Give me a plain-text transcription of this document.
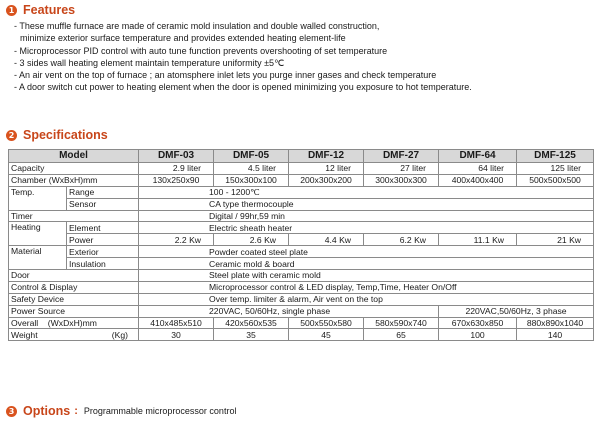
1 Features
- These muffle furnace are made of ceramic mold insulation and double walled construction,
minimize exterior surface temperature and provides extended heating element-life
- Microprocessor PID control with auto tune function prevents overshooting of set temperature
- 3 sides wall heating element maintain temperature uniformity ±5℃
- An air vent on the top of furnace ; an atomsphere inlet lets you purge inner gases and check temperature
- A door switch cut power to heating element when the door is opened minimizing you exposure to hot temperature.
2 Specifications
Model		DMF-03	DMF-05	DMF-12	DMF-27	DMF-64	DMF-125
Capacity		2.9 liter	4.5 liter	12 liter	27 liter	64 liter	125 liter
Chamber (WxBxH)mm		130x250x90	150x300x100	200x300x200	300x300x300	400x400x400	500x500x500
Temp.	Range	100 - 1200℃					
	Sensor	CA type thermocouple					
Timer		Digital / 99hr,59 min					
Heating	Element	Electric sheath heater					
	Power	2.2 Kw	2.6 Kw	4.4 Kw	6.2 Kw	11.1 Kw	21 Kw
Material	Exterior	Powder coated steel plate					
	Insulation	Ceramic mold & board					
Door		Steel plate with ceramic mold					
Control & Display		Microprocessor control & LED display, Temp,Time, Heater On/Off					
Safety Device		Over temp. limiter & alarm, Air vent on the top					
Power Source		220VAC, 50/60Hz, single phase				220VAC,50/60Hz, 3 phase	
Overall (WxDxH)mm		410x485x510	420x560x535	500x550x580	580x590x740	670x630x850	880x890x1040
Weight (Kg)		30	35	45	65	100	140
3 Options : Programmable microprocessor control
